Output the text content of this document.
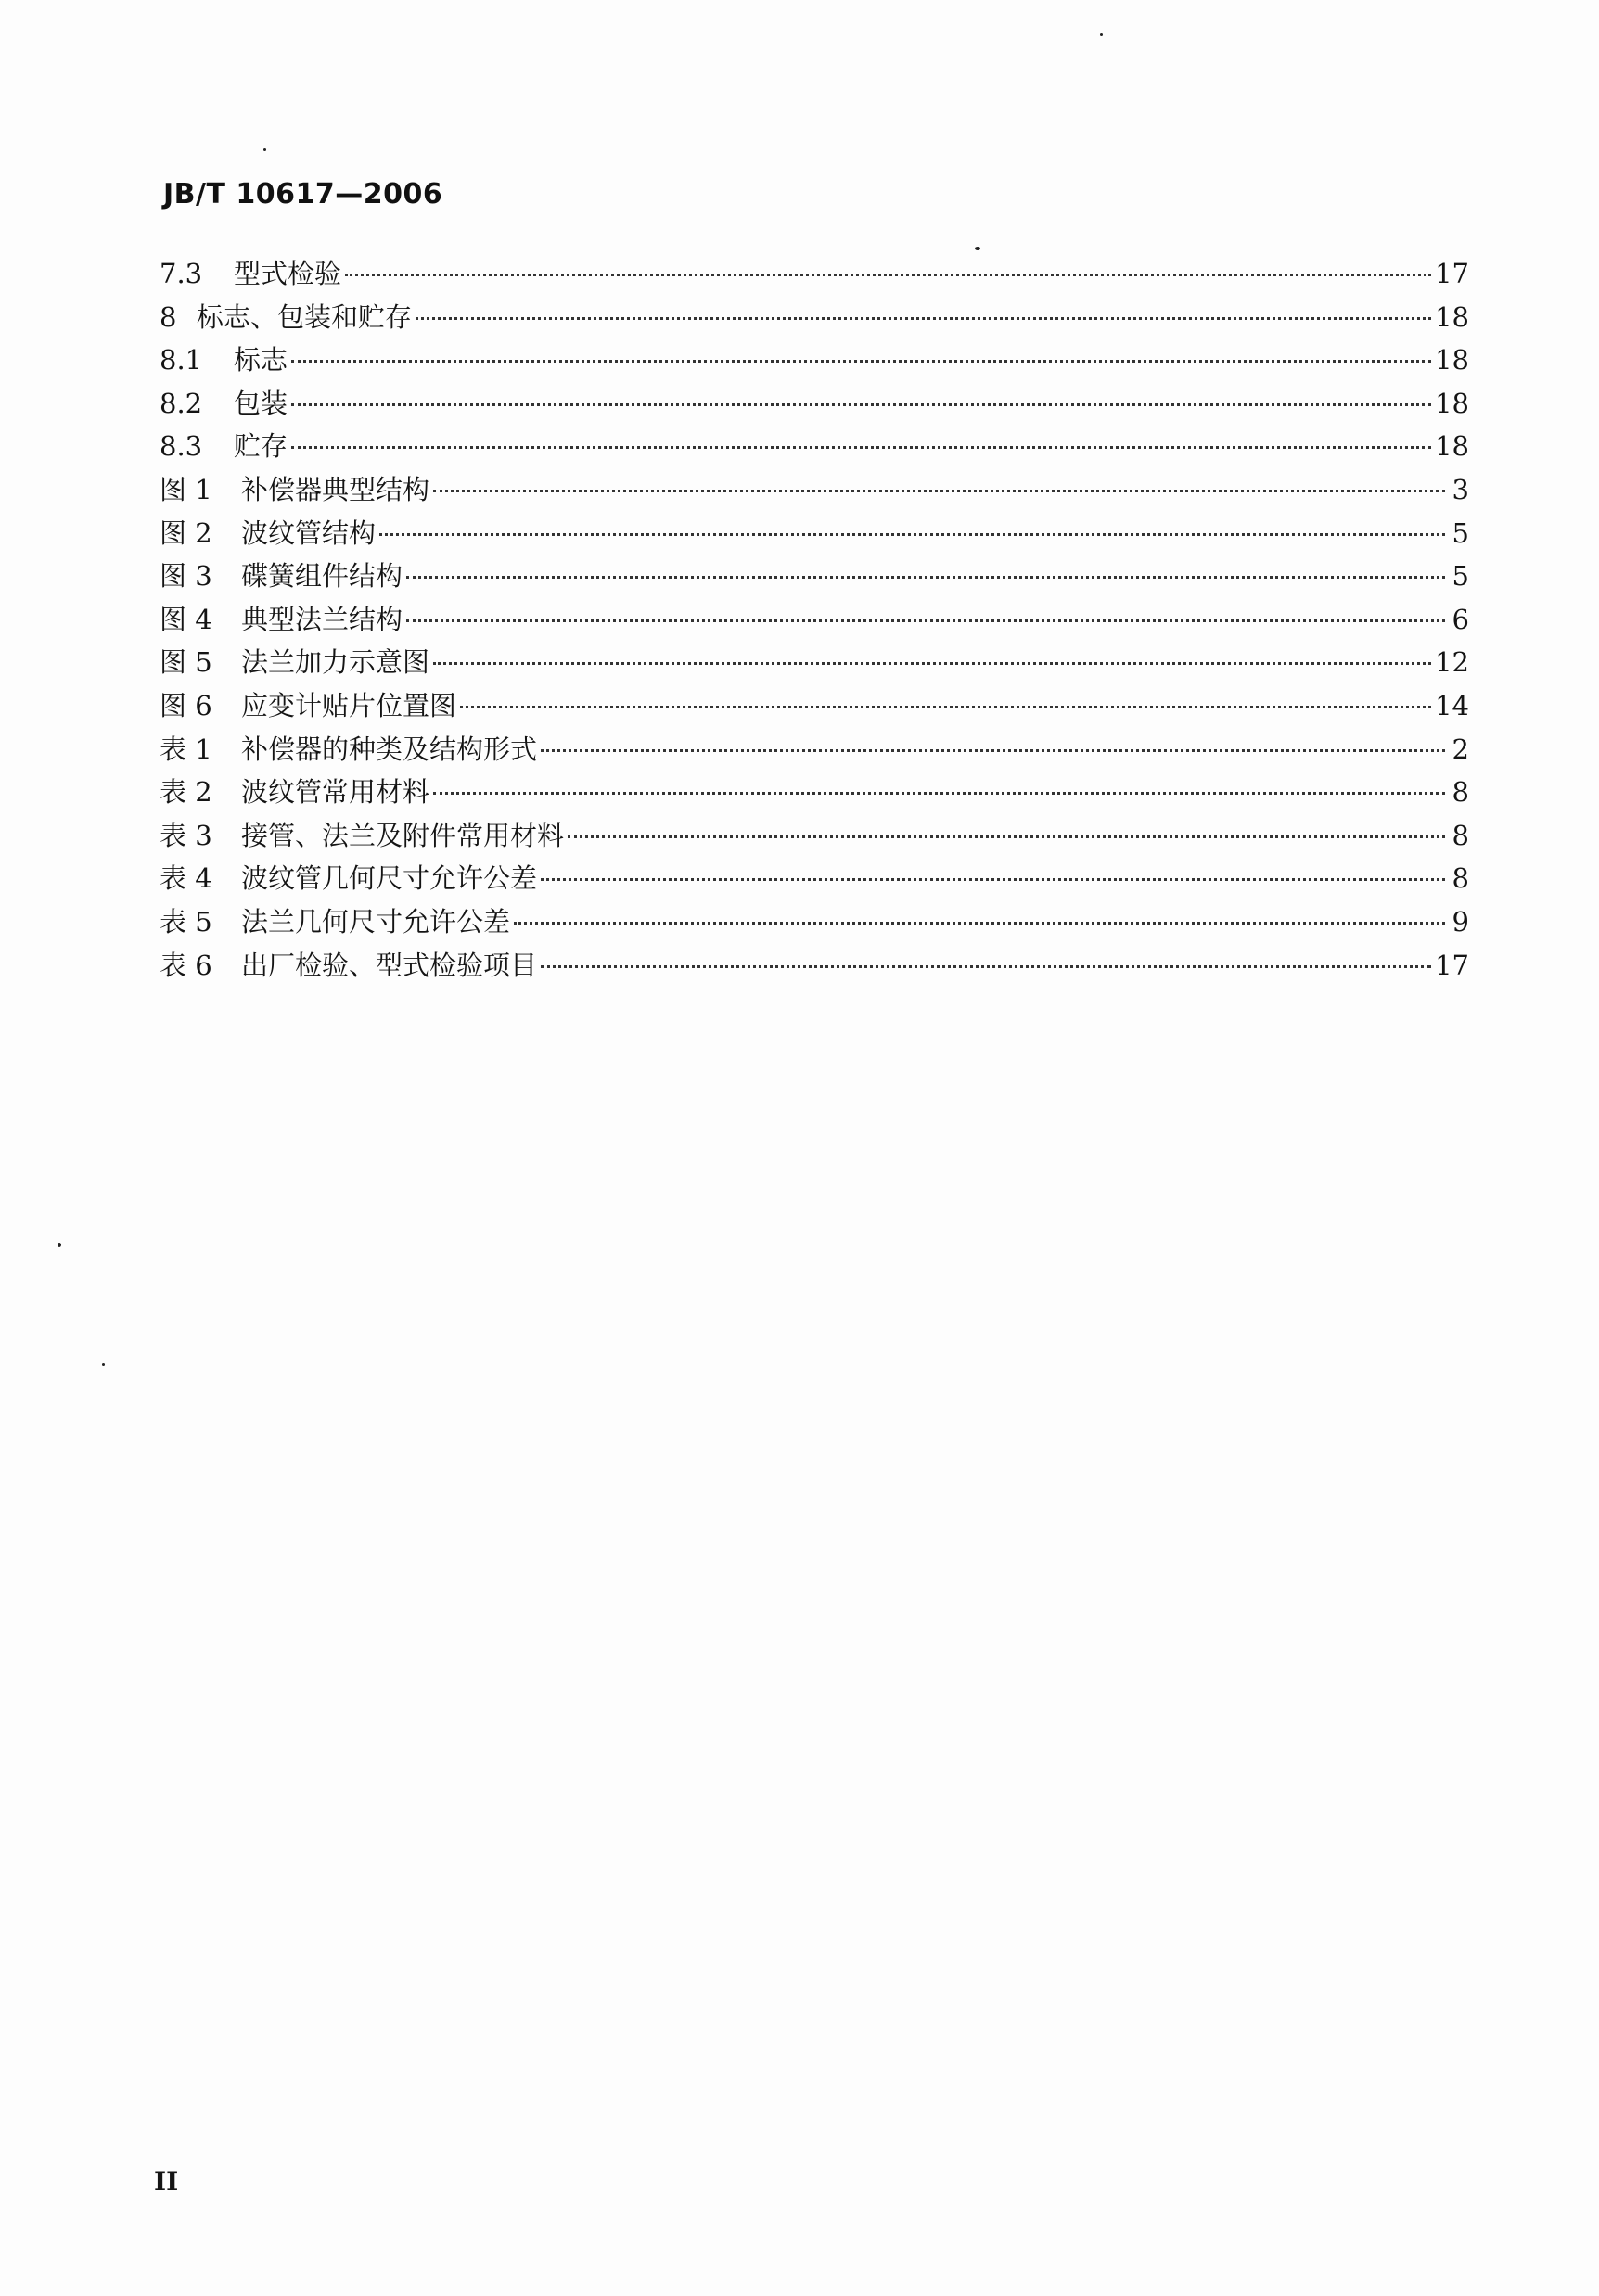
JB/T 10617—2006
7.3	型式检验	17
8 标志、包装和贮存	18
8.1	标志	18
8.2	包装	18
8.3	贮存	18
图 1	补偿器典型结构	3
图 2	波纹管结构	5
图 3	碟簧组件结构	5
图 4	典型法兰结构	6
图 5	法兰加力示意图	12
图 6	应变计贴片位置图	14
表 1	补偿器的种类及结构形式	2
表 2	波纹管常用材料	8
表 3	接管、法兰及附件常用材料	8
表 4	波纹管几何尺寸允许公差	8
表 5	法兰几何尺寸允许公差	9
表 6	出厂检验、型式检验项目	17
II
